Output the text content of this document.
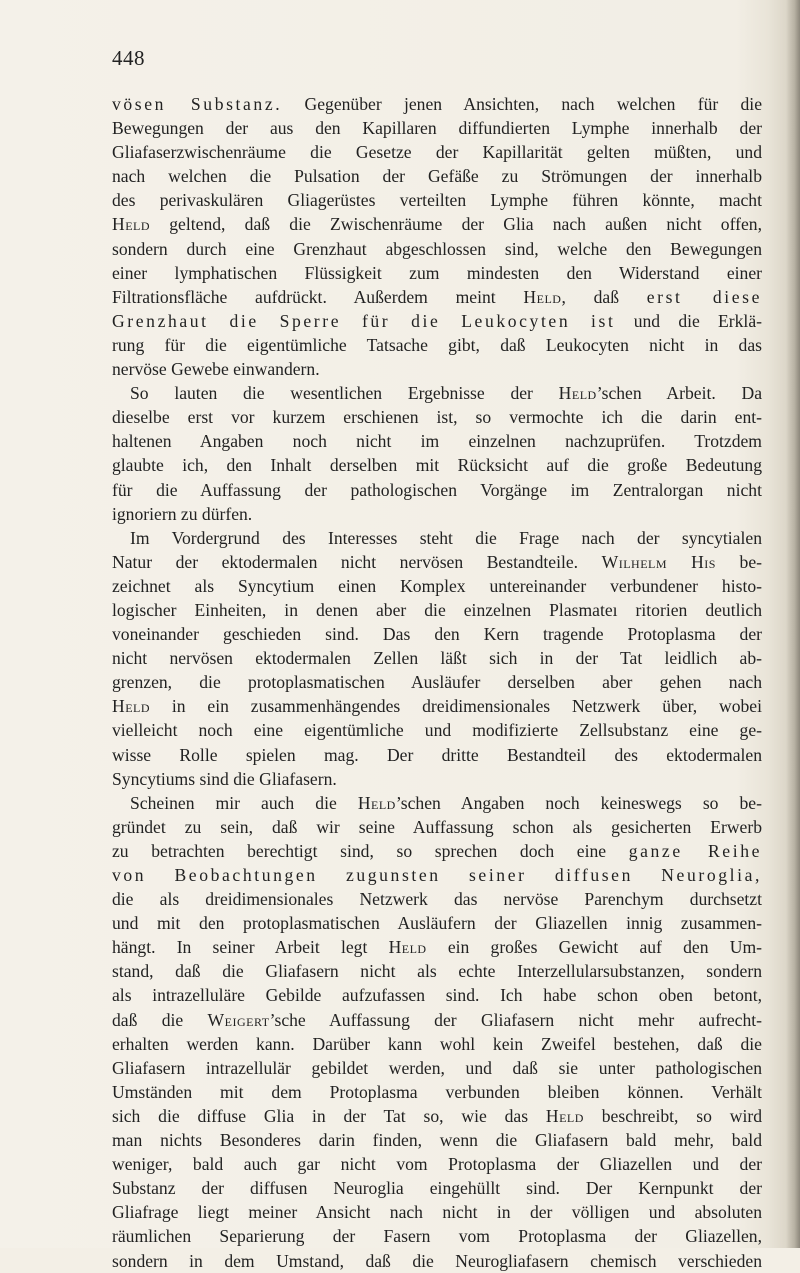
448
vösen Substanz. Gegenüber jenen Ansichten, nach welchen für die
Bewegungen der aus den Kapillaren diffundierten Lymphe innerhalb der
Gliafaserzwischenräume die Gesetze der Kapillarität gelten müßten, und
nach welchen die Pulsation der Gefäße zu Strömungen der innerhalb
des perivaskulären Gliagerüstes verteilten Lymphe führen könnte, macht
Held geltend, daß die Zwischenräume der Glia nach außen nicht offen,
sondern durch eine Grenzhaut abgeschlossen sind, welche den Bewegungen
einer lymphatischen Flüssigkeit zum mindesten den Widerstand einer
Filtrationsfläche aufdrückt. Außerdem meint Held, daß erst diese
Grenzhaut die Sperre für die Leukocyten ist und die Erklä-
rung für die eigentümliche Tatsache gibt, daß Leukocyten nicht in das
nervöse Gewebe einwandern.
So lauten die wesentlichen Ergebnisse der Held’schen Arbeit. Da
dieselbe erst vor kurzem erschienen ist, so vermochte ich die darin ent-
haltenen Angaben noch nicht im einzelnen nachzuprüfen. Trotzdem
glaubte ich, den Inhalt derselben mit Rücksicht auf die große Bedeutung
für die Auffassung der pathologischen Vorgänge im Zentralorgan nicht
ignoriern zu dürfen.
Im Vordergrund des Interesses steht die Frage nach der syncytialen
Natur der ektodermalen nicht nervösen Bestandteile. Wilhelm His be-
zeichnet als Syncytium einen Komplex untereinander verbundener histo-
logischer Einheiten, in denen aber die einzelnen Plasmateı ritorien deutlich
voneinander geschieden sind. Das den Kern tragende Protoplasma der
nicht nervösen ektodermalen Zellen läßt sich in der Tat leidlich ab-
grenzen, die protoplasmatischen Ausläufer derselben aber gehen nach
Held in ein zusammenhängendes dreidimensionales Netzwerk über, wobei
vielleicht noch eine eigentümliche und modifizierte Zellsubstanz eine ge-
wisse Rolle spielen mag. Der dritte Bestandteil des ektodermalen
Syncytiums sind die Gliafasern.
Scheinen mir auch die Held’schen Angaben noch keineswegs so be-
gründet zu sein, daß wir seine Auffassung schon als gesicherten Erwerb
zu betrachten berechtigt sind, so sprechen doch eine ganze Reihe
von Beobachtungen zugunsten seiner diffusen Neuroglia,
die als dreidimensionales Netzwerk das nervöse Parenchym durchsetzt
und mit den protoplasmatischen Ausläufern der Gliazellen innig zusammen-
hängt. In seiner Arbeit legt Held ein großes Gewicht auf den Um-
stand, daß die Gliafasern nicht als echte Interzellularsubstanzen, sondern
als intrazelluläre Gebilde aufzufassen sind. Ich habe schon oben betont,
daß die Weigert’sche Auffassung der Gliafasern nicht mehr aufrecht-
erhalten werden kann. Darüber kann wohl kein Zweifel bestehen, daß die
Gliafasern intrazellulär gebildet werden, und daß sie unter pathologischen
Umständen mit dem Protoplasma verbunden bleiben können. Verhält
sich die diffuse Glia in der Tat so, wie das Held beschreibt, so wird
man nichts Besonderes darin finden, wenn die Gliafasern bald mehr, bald
weniger, bald auch gar nicht vom Protoplasma der Gliazellen und der
Substanz der diffusen Neuroglia eingehüllt sind. Der Kernpunkt der
Gliafrage liegt meiner Ansicht nach nicht in der völligen und absoluten
räumlichen Separierung der Fasern vom Protoplasma der Gliazellen,
sondern in dem Umstand, daß die Neurogliafasern chemisch verschieden
